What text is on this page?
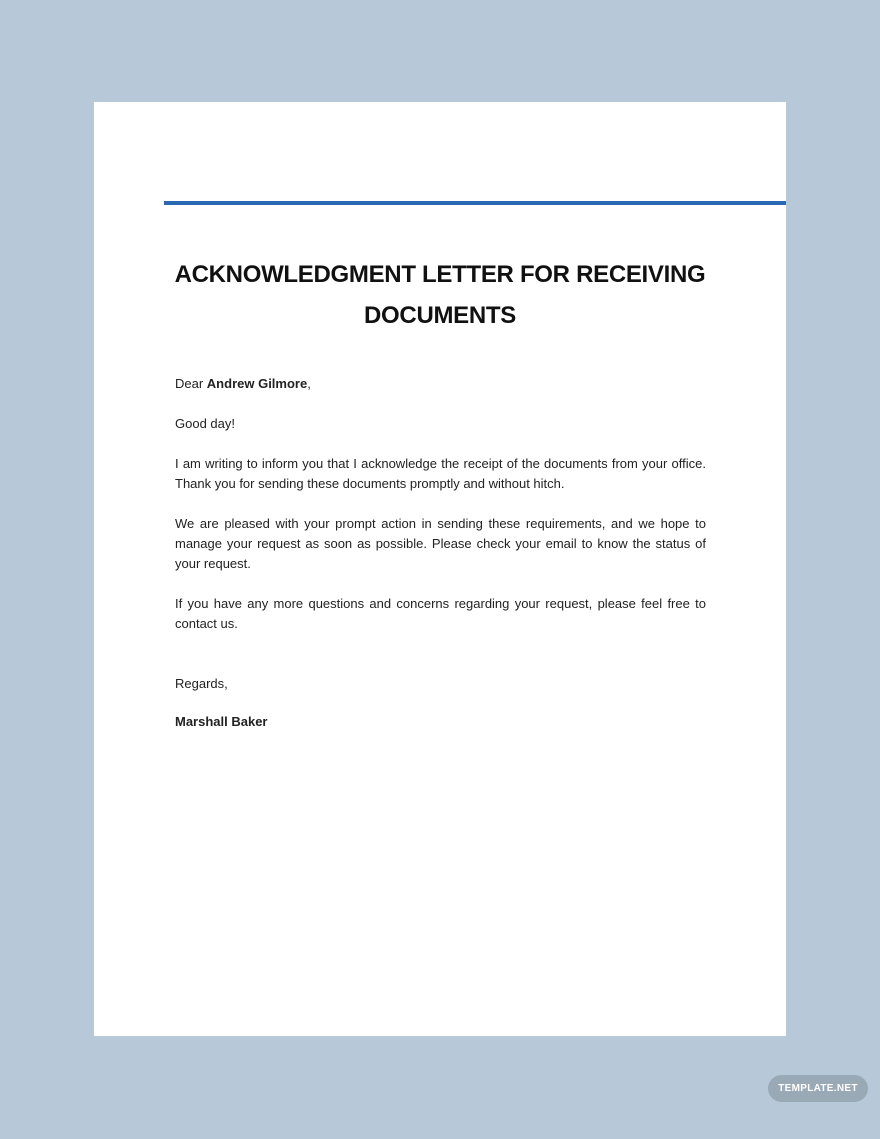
ACKNOWLEDGMENT LETTER FOR RECEIVING
DOCUMENTS

Dear Andrew Gilmore,

Good day!

I am writing to inform you that I acknowledge the receipt of the documents from your office. Thank you for sending these documents promptly and without hitch.

We are pleased with your prompt action in sending these requirements, and we hope to manage your request as soon as possible. Please check your email to know the status of your request.

If you have any more questions and concerns regarding your request, please feel free to contact us.

Regards,

Marshall Baker

TEMPLATE.NET
